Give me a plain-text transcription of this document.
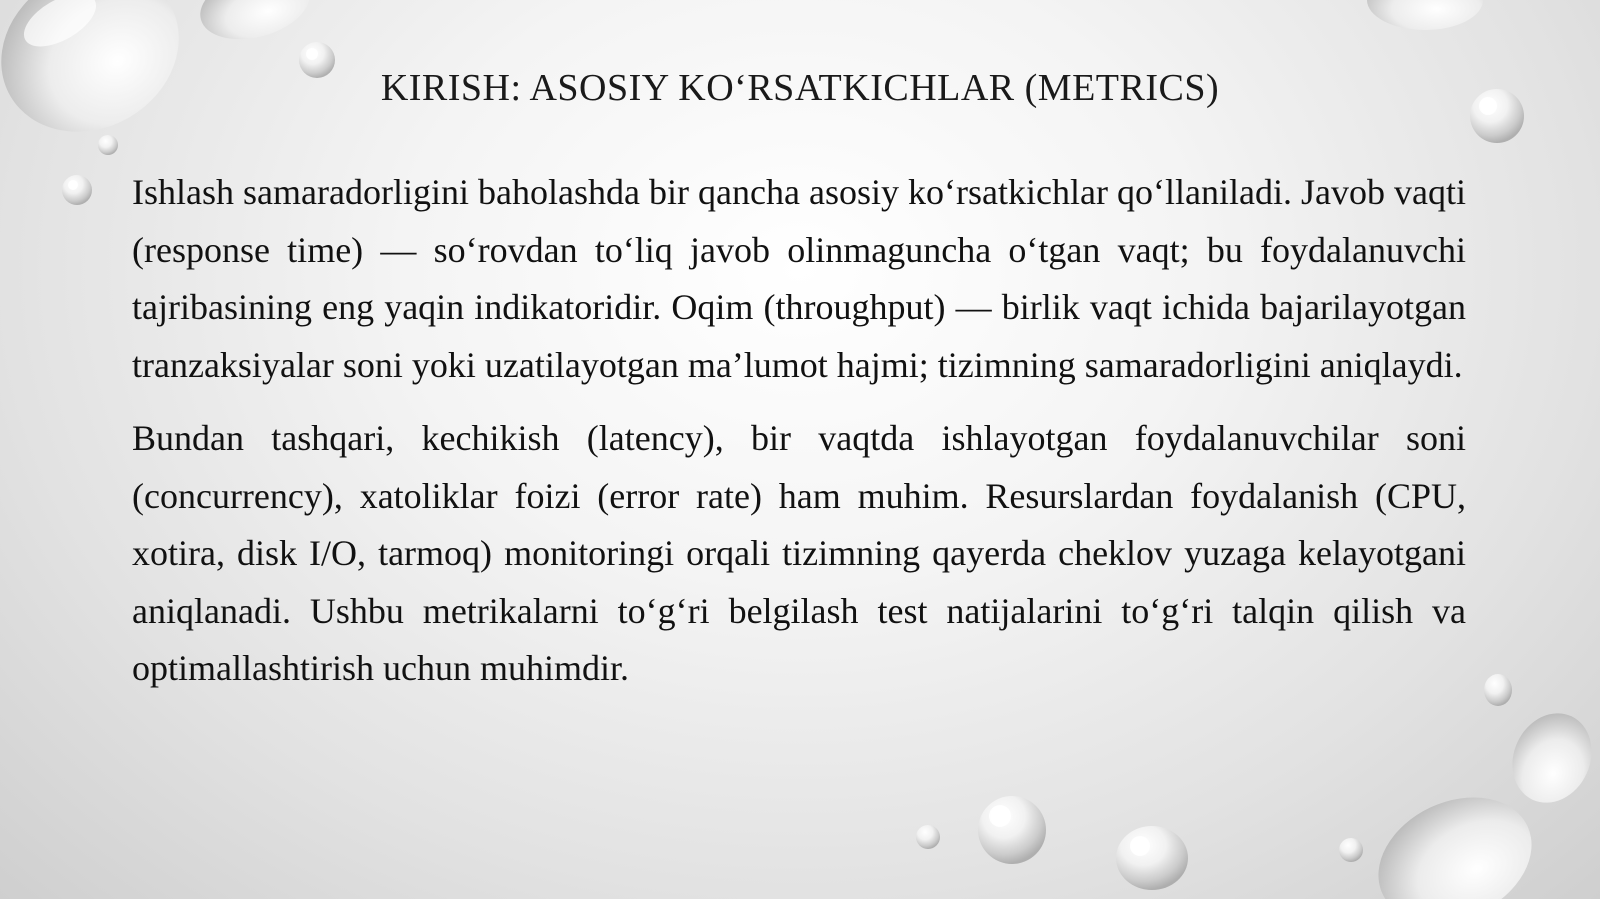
KIRISH: ASOSIY KO‘RSATKICHLAR (METRICS)

Ishlash samaradorligini baholashda bir qancha asosiy ko‘rsatkichlar qo‘llaniladi. Javob vaqti (response time) — so‘rovdan to‘liq javob olinmaguncha o‘tgan vaqt; bu foydalanuvchi tajribasining eng yaqin indikatoridir. Oqim (throughput) — birlik vaqt ichida bajarilayotgan tranzaksiyalar soni yoki uzatilayotgan ma’lumot hajmi; tizimning samaradorligini aniqlaydi.

Bundan tashqari, kechikish (latency), bir vaqtda ishlayotgan foydalanuvchilar soni (concurrency), xatoliklar foizi (error rate) ham muhim. Resurslardan foydalanish (CPU, xotira, disk I/O, tarmoq) monitoringi orqali tizimning qayerda cheklov yuzaga kelayotgani aniqlanadi. Ushbu metrikalarni to‘g‘ri belgilash test natijalarini to‘g‘ri talqin qilish va optimallashtirish uchun muhimdir.
